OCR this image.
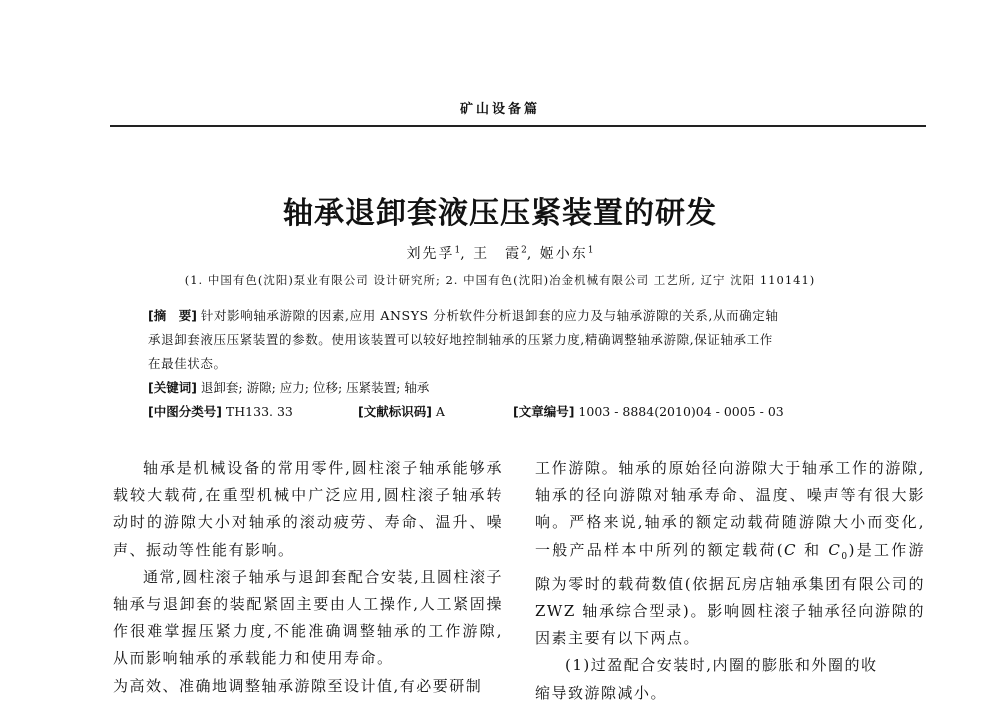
矿山设备篇
轴承退卸套液压压紧装置的研发
刘先孚$^1$, 王　霞$^2$, 姬小东$^1$
(1. 中国有色(沈阳)泵业有限公司 设计研究所; 2. 中国有色(沈阳)冶金机械有限公司 工艺所, 辽宁 沈阳 110141)
[摘　要] 针对影响轴承游隙的因素,应用 ANSYS 分析软件分析退卸套的应力及与轴承游隙的关系,从而确定轴
承退卸套液压压紧装置的参数。使用该装置可以较好地控制轴承的压紧力度,精确调整轴承游隙,保证轴承工作
在最佳状态。
[关键词] 退卸套; 游隙; 应力; 位移; 压紧装置; 轴承
[中图分类号] TH133. 33	[文献标识码] A	[文章编号] 1003 - 8884(2010)04 - 0005 - 03

轴承是机械设备的常用零件,圆柱滚子轴承能够承载较大载荷,在重型机械中广泛应用,圆柱滚子轴承转动时的游隙大小对轴承的滚动疲劳、寿命、温升、噪声、振动等性能有影响。

通常,圆柱滚子轴承与退卸套配合安装,且圆柱滚子轴承与退卸套的装配紧固主要由人工操作,人工紧固操作很难掌握压紧力度,不能准确调整轴承的工作游隙,从而影响轴承的承载能力和使用寿命。

为高效、准确地调整轴承游隙至设计值,有必要研制

工作游隙。轴承的原始径向游隙大于轴承工作的游隙,轴承的径向游隙对轴承寿命、温度、噪声等有很大影响。严格来说,轴承的额定动载荷随游隙大小而变化,一般产品样本中所列的额定载荷(C 和 $C_0$)是工作游隙为零时的载荷数值(依据瓦房店轴承集团有限公司的 ZWZ 轴承综合型录)。影响圆柱滚子轴承径向游隙的因素主要有以下两点。

(1)过盈配合安装时,内圈的膨胀和外圈的收

缩导致游隙减小。
